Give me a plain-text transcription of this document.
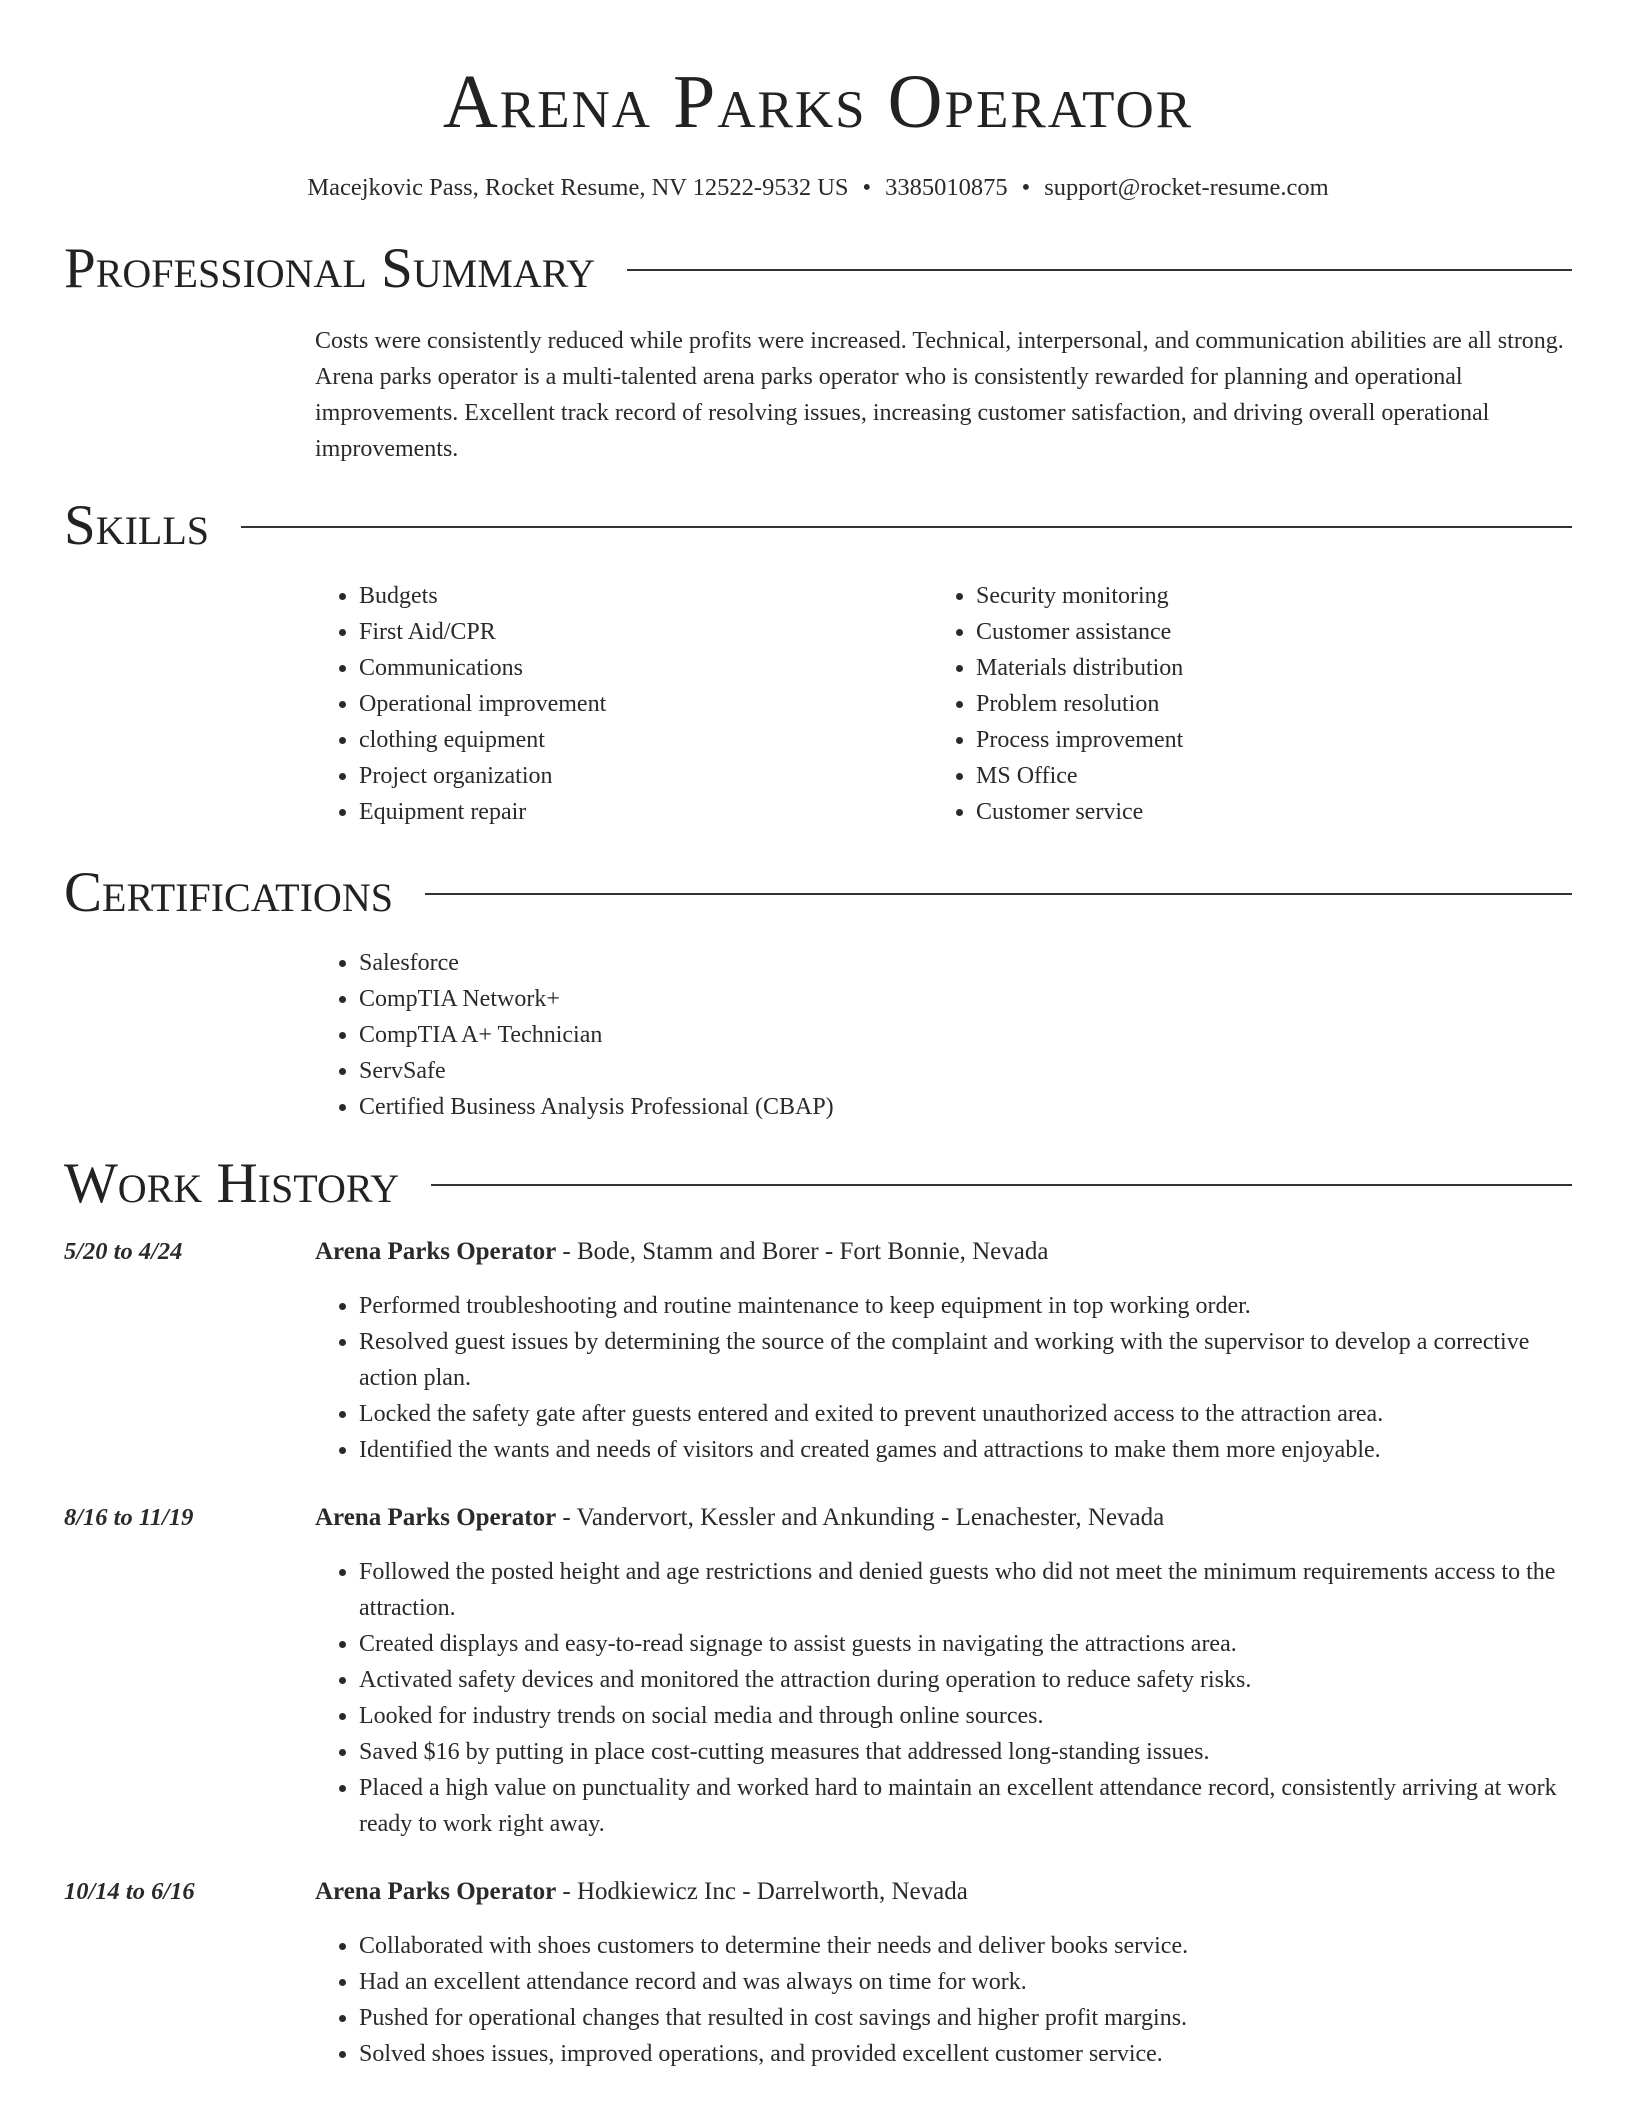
Arena Parks Operator
Macejkovic Pass, Rocket Resume, NV 12522-9532 US • 3385010875 • support@rocket-resume.com
Professional Summary

Costs were consistently reduced while profits were increased. Technical, interpersonal, and communication abilities are all strong. Arena parks operator is a multi-talented arena parks operator who is consistently rewarded for planning and operational improvements. Excellent track record of resolving issues, increasing customer satisfaction, and driving overall operational improvements.

Skills
• Budgets
• First Aid/CPR
• Communications
• Operational improvement
• clothing equipment
• Project organization
• Equipment repair
• Security monitoring
• Customer assistance
• Materials distribution
• Problem resolution
• Process improvement
• MS Office
• Customer service
Certifications
• Salesforce
• CompTIA Network+
• CompTIA A+ Technician
• ServSafe
• Certified Business Analysis Professional (CBAP)
Work History
5/20 to 4/24	Arena Parks Operator - Bode, Stamm and Borer - Fort Bonnie, Nevada
• Performed troubleshooting and routine maintenance to keep equipment in top working order.
• Resolved guest issues by determining the source of the complaint and working with the supervisor to develop a corrective action plan.
• Locked the safety gate after guests entered and exited to prevent unauthorized access to the attraction area.
• Identified the wants and needs of visitors and created games and attractions to make them more enjoyable.
8/16 to 11/19	Arena Parks Operator - Vandervort, Kessler and Ankunding - Lenachester, Nevada
• Followed the posted height and age restrictions and denied guests who did not meet the minimum requirements access to the attraction.
• Created displays and easy-to-read signage to assist guests in navigating the attractions area.
• Activated safety devices and monitored the attraction during operation to reduce safety risks.
• Looked for industry trends on social media and through online sources.
• Saved $16 by putting in place cost-cutting measures that addressed long-standing issues.
• Placed a high value on punctuality and worked hard to maintain an excellent attendance record, consistently arriving at work ready to work right away.
10/14 to 6/16	Arena Parks Operator - Hodkiewicz Inc - Darrelworth, Nevada
• Collaborated with shoes customers to determine their needs and deliver books service.
• Had an excellent attendance record and was always on time for work.
• Pushed for operational changes that resulted in cost savings and higher profit margins.
• Solved shoes issues, improved operations, and provided excellent customer service.
